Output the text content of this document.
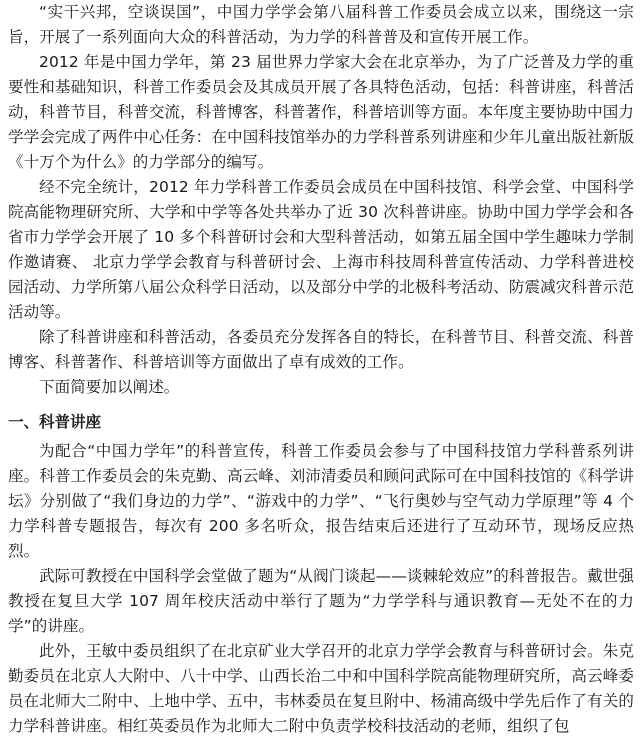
“实干兴邦，空谈误国”，中国力学学会第八届科普工作委员会成立以来，围绕这一宗旨，开展了一系列面向大众的科普活动，为力学的科普普及和宣传开展工作。

2012 年是中国力学年，第 23 届世界力学家大会在北京举办，为了广泛普及力学的重要性和基础知识，科普工作委员会及其成员开展了各具特色活动，包括：科普讲座，科普活动，科普节目，科普交流，科普博客，科普著作，科普培训等方面。本年度主要协助中国力学学会完成了两件中心任务：在中国科技馆举办的力学科普系列讲座和少年儿童出版社新版《十万个为什么》的力学部分的编写。

经不完全统计，2012 年力学科普工作委员会成员在中国科技馆、科学会堂、中国科学院高能物理研究所、大学和中学等各处共举办了近 30 次科普讲座。协助中国力学学会和各省市力学学会开展了 10 多个科普研讨会和大型科普活动，如第五届全国中学生趣味力学制作邀请赛、 北京力学学会教育与科普研讨会、上海市科技周科普宣传活动、力学科普进校园活动、力学所第八届公众科学日活动，以及部分中学的北极科考活动、防震减灾科普示范活动等。

除了科普讲座和科普活动，各委员充分发挥各自的特长，在科普节目、科普交流、科普博客、科普著作、科普培训等方面做出了卓有成效的工作。

下面简要加以阐述。

一、科普讲座

为配合“中国力学年”的科普宣传，科普工作委员会参与了中国科技馆力学科普系列讲座。科普工作委员会的朱克勤、高云峰、刘沛清委员和顾问武际可在中国科技馆的《科学讲坛》分别做了“我们身边的力学”、“游戏中的力学”、“飞行奥妙与空气动力学原理”等 4 个力学科普专题报告，每次有 200 多名听众，报告结束后还进行了互动环节，现场反应热烈。

武际可教授在中国科学会堂做了题为“从阀门谈起——谈棘轮效应”的科普报告。戴世强教授在复旦大学 107 周年校庆活动中举行了题为“力学学科与通识教育—无处不在的力学”的讲座。

此外，王敏中委员组织了在北京矿业大学召开的北京力学学会教育与科普研讨会。朱克勤委员在北京人大附中、八十中学、山西长治二中和中国科学院高能物理研究所，高云峰委员在北师大二附中、上地中学、五中，韦林委员在复旦附中、杨浦高级中学先后作了有关的力学科普讲座。相红英委员作为北师大二附中负责学校科技活动的老师，组织了包
